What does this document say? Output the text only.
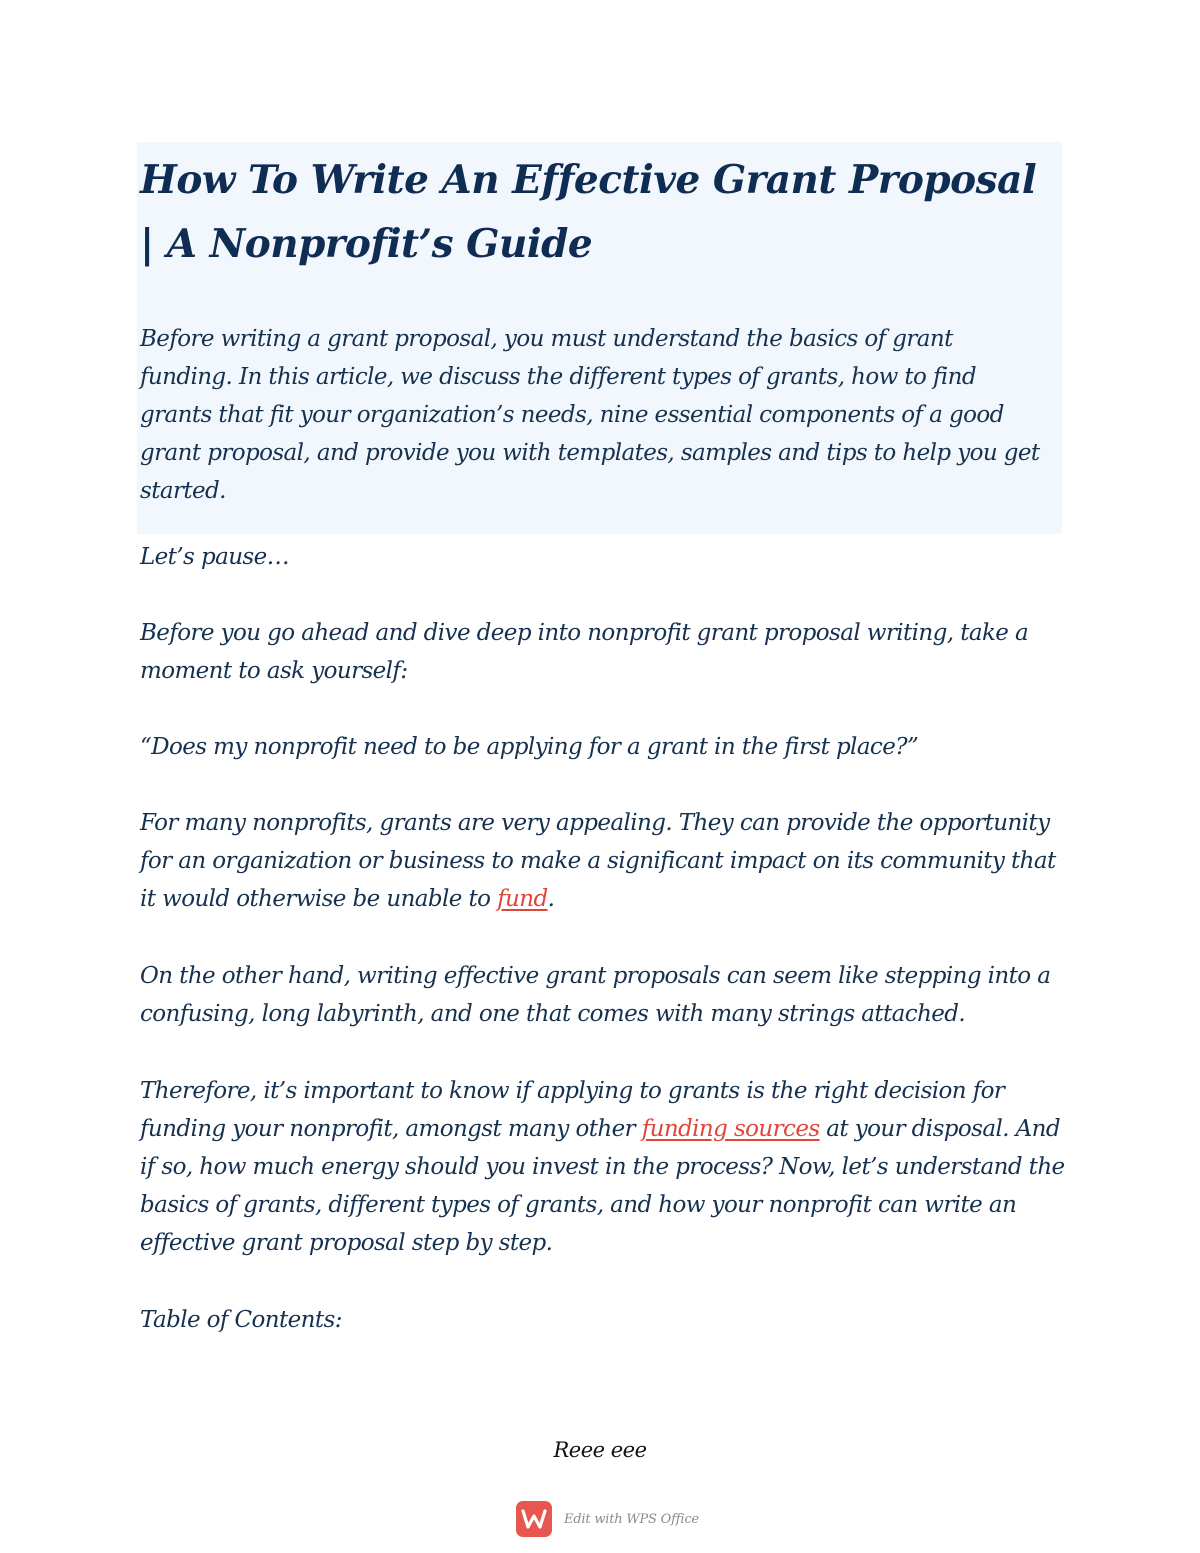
How To Write An Effective Grant Proposal | A Nonprofit’s Guide

Before writing a grant proposal, you must understand the basics of grant funding. In this article, we discuss the different types of grants, how to find grants that fit your organization’s needs, nine essential components of a good grant proposal, and provide you with templates, samples and tips to help you get started.

Let’s pause…

Before you go ahead and dive deep into nonprofit grant proposal writing, take a moment to ask yourself:

“Does my nonprofit need to be applying for a grant in the first place?”

For many nonprofits, grants are very appealing. They can provide the opportunity for an organization or business to make a significant impact on its community that it would otherwise be unable to fund.

On the other hand, writing effective grant proposals can seem like stepping into a confusing, long labyrinth, and one that comes with many strings attached.

Therefore, it’s important to know if applying to grants is the right decision for funding your nonprofit, amongst many other funding sources at your disposal. And if so, how much energy should you invest in the process? Now, let’s understand the basics of grants, different types of grants, and how your nonprofit can write an effective grant proposal step by step.

Table of Contents:

Reee eee
Edit with WPS Office
